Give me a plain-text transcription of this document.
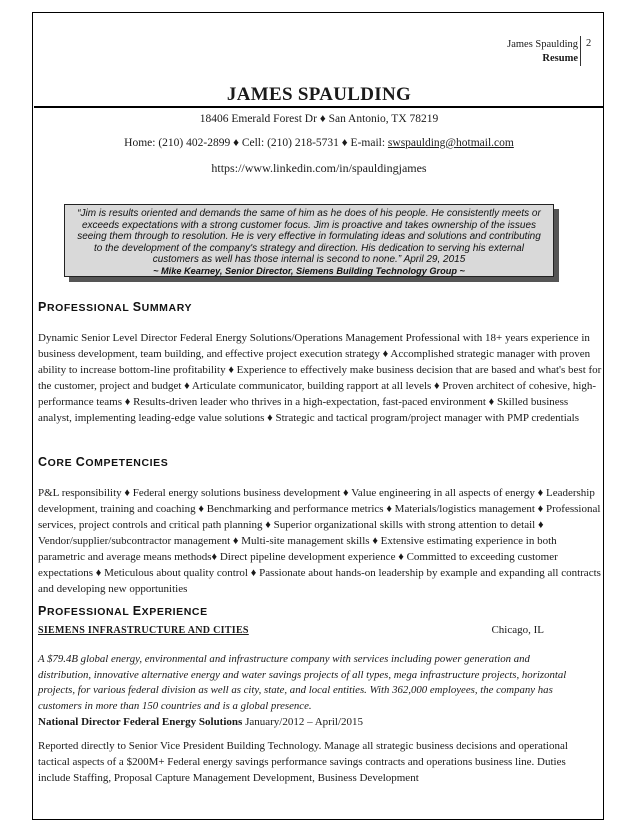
James Spaulding
Resume
2
JAMES SPAULDING
18406 Emerald Forest Dr ♦ San Antonio, TX 78219
Home: (210) 402-2899 ♦ Cell: (210) 218-5731 ♦ E-mail: swspaulding@hotmail.com
https://www.linkedin.com/in/spauldingjames
“Jim is results oriented and demands the same of him as he does of his people. He consistently meets or exceeds expectations with a strong customer focus. Jim is proactive and takes ownership of the issues seeing them through to resolution. He is very effective in formulating ideas and solutions and contributing to the development of the company's strategy and direction. His dedication to serving his external customers as well has those internal is second to none.” April 29, 2015
~ Mike Kearney, Senior Director, Siemens Building Technology Group ~
PROFESSIONAL SUMMARY
Dynamic Senior Level Director Federal Energy Solutions/Operations Management Professional with 18+ years experience in business development, team building, and effective project execution strategy ♦ Accomplished strategic manager with proven ability to increase bottom-line profitability ♦ Experience to effectively make business decision that are based and what's best for the customer, project and budget ♦ Articulate communicator, building rapport at all levels ♦ Proven architect of cohesive, high-performance teams ♦ Results-driven leader who thrives in a high-expectation, fast-paced environment ♦ Skilled business analyst, implementing leading-edge value solutions ♦ Strategic and tactical program/project manager with PMP credentials
CORE COMPETENCIES
P&L responsibility ♦ Federal energy solutions business development ♦ Value engineering in all aspects of energy ♦ Leadership development, training and coaching ♦ Benchmarking and performance metrics ♦ Materials/logistics management ♦ Professional services, project controls and critical path planning ♦ Superior organizational skills with strong attention to detail ♦ Vendor/supplier/subcontractor management ♦ Multi-site management skills ♦ Extensive estimating experience in both parametric and average means methods♦ Direct pipeline development experience ♦ Committed to exceeding customer expectations ♦ Meticulous about quality control ♦ Passionate about hands-on leadership by example and expanding all contracts and developing new opportunities
PROFESSIONAL EXPERIENCE
SIEMENS INFRASTRUCTURE AND CITIES	Chicago, IL
A $79.4B global energy, environmental and infrastructure company with services including power generation and distribution, innovative alternative energy and water savings projects of all types, mega infrastructure projects, horizontal projects, for various federal division as well as city, state, and local entities. With 362,000 employees, the company has customers in more than 150 countries and is a global presence.
National Director Federal Energy Solutions January/2012 – April/2015
Reported directly to Senior Vice President Building Technology. Manage all strategic business decisions and operational tactical aspects of a $200M+ Federal energy savings performance savings contracts and operations business line. Duties include Staffing, Proposal Capture Management Development, Business Development
